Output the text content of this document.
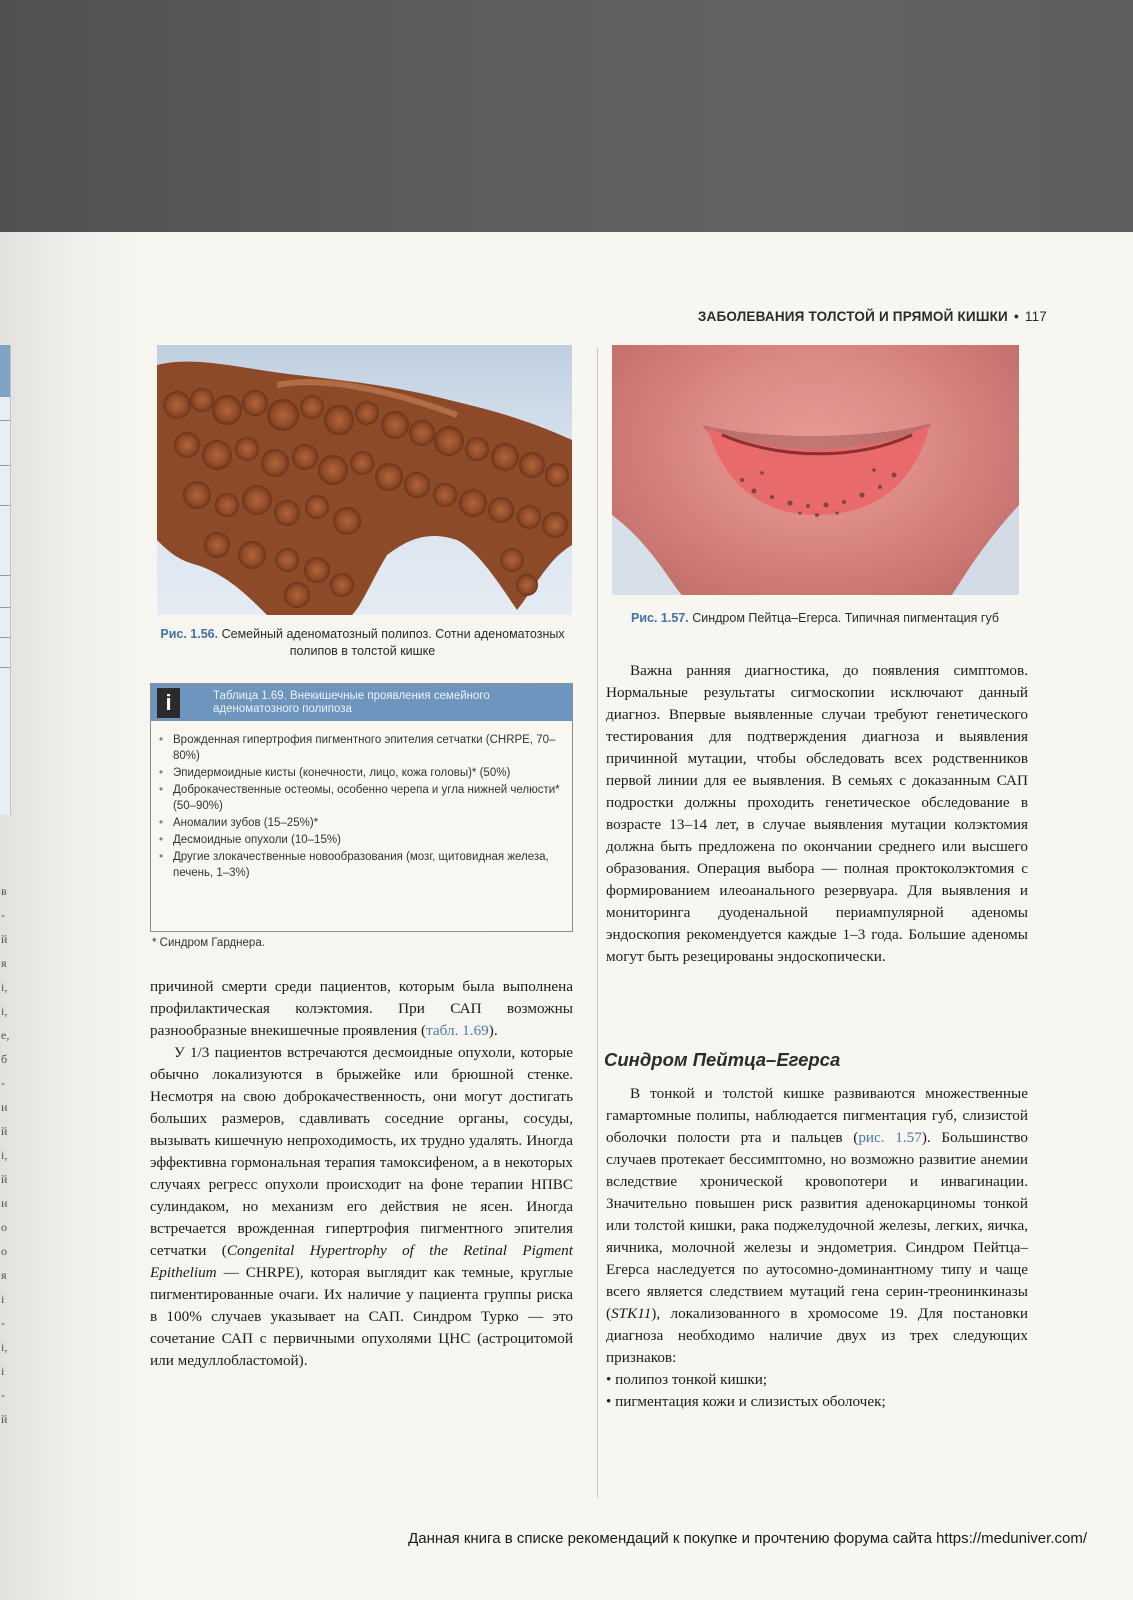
в
-
й
я
і,
і,
е,
б
-
и
й
і,
й
и
о
о
я
і
-
і,
і
-
й
ЗАБОЛЕВАНИЯ ТОЛСТОЙ И ПРЯМОЙ КИШКИ • 117
Рис. 1.56. Семейный аденоматозный полипоз. Сотни аденоматозных полипов в толстой кишке
Рис. 1.57. Синдром Пейтца–Егерса. Типичная пигментация губ
i	Таблица 1.69. Внекишечные проявления семейного аденоматозного полипоза
• Врожденная гипертрофия пигментного эпителия сетчатки (CHRPE, 70–80%)
• Эпидермоидные кисты (конечности, лицо, кожа головы)* (50%)
• Доброкачественные остеомы, особенно черепа и угла нижней челюсти* (50–90%)
• Аномалии зубов (15–25%)*
• Десмоидные опухоли (10–15%)
• Другие злокачественные новообразования (мозг, щитовидная железа, печень, 1–3%)
* Синдром Гарднера.

причиной смерти среди пациентов, которым была выполнена профилактическая колэктомия. При САП возможны разнообразные внекишечные проявления (табл. 1.69).

У 1/3 пациентов встречаются десмоидные опухоли, которые обычно локализуются в брыжейке или брюшной стенке. Несмотря на свою доброкачественность, они могут достигать больших размеров, сдавливать соседние органы, сосуды, вызывать кишечную непроходимость, их трудно удалять. Иногда эффективна гормональная терапия тамоксифеном, а в некоторых случаях регресс опухоли происходит на фоне терапии НПВС сулиндаком, но механизм его действия не ясен. Иногда встречается врожденная гипертрофия пигментного эпителия сетчатки (Congenital Hypertrophy of the Retinal Pigment Epithelium — CHRPE), которая выглядит как темные, круглые пигментированные очаги. Их наличие у пациента группы риска в 100% случаев указывает на САП. Синдром Турко — это сочетание САП с первичными опухолями ЦНС (астроцитомой или медуллобластомой).

Важна ранняя диагностика, до появления симптомов. Нормальные результаты сигмоскопии исключают данный диагноз. Впервые выявленные случаи требуют генетического тестирования для подтверждения диагноза и выявления причинной мутации, чтобы обследовать всех родственников первой линии для ее выявления. В семьях с доказанным САП подростки должны проходить генетическое обследование в возрасте 13–14 лет, в случае выявления мутации колэктомия должна быть предложена по окончании среднего или высшего образования. Операция выбора — полная проктоколэктомия с формированием илеоанального резервуара. Для выявления и мониторинга дуоденальной периампулярной аденомы эндоскопия рекомендуется каждые 1–3 года. Большие аденомы могут быть резецированы эндоскопически.

Синдром Пейтца–Егерса

В тонкой и толстой кишке развиваются множественные гамартомные полипы, наблюдается пигментация губ, слизистой оболочки полости рта и пальцев (рис. 1.57). Большинство случаев протекает бессимптомно, но возможно развитие анемии вследствие хронической кровопотери и инвагинации. Значительно повышен риск развития аденокарциномы тонкой или толстой кишки, рака поджелудочной железы, легких, яичка, яичника, молочной железы и эндометрия. Синдром Пейтца–Егерса наследуется по аутосомно-доминантному типу и чаще всего является следствием мутаций гена серин-треонинкиназы (STK11), локализованного в хромосоме 19. Для постановки диагноза необходимо наличие двух из трех следующих признаков:

• полипоз тонкой кишки;
• пигментация кожи и слизистых оболочек;
Данная книга в списке рекомендаций к покупке и прочтению форума сайта https://meduniver.com/
